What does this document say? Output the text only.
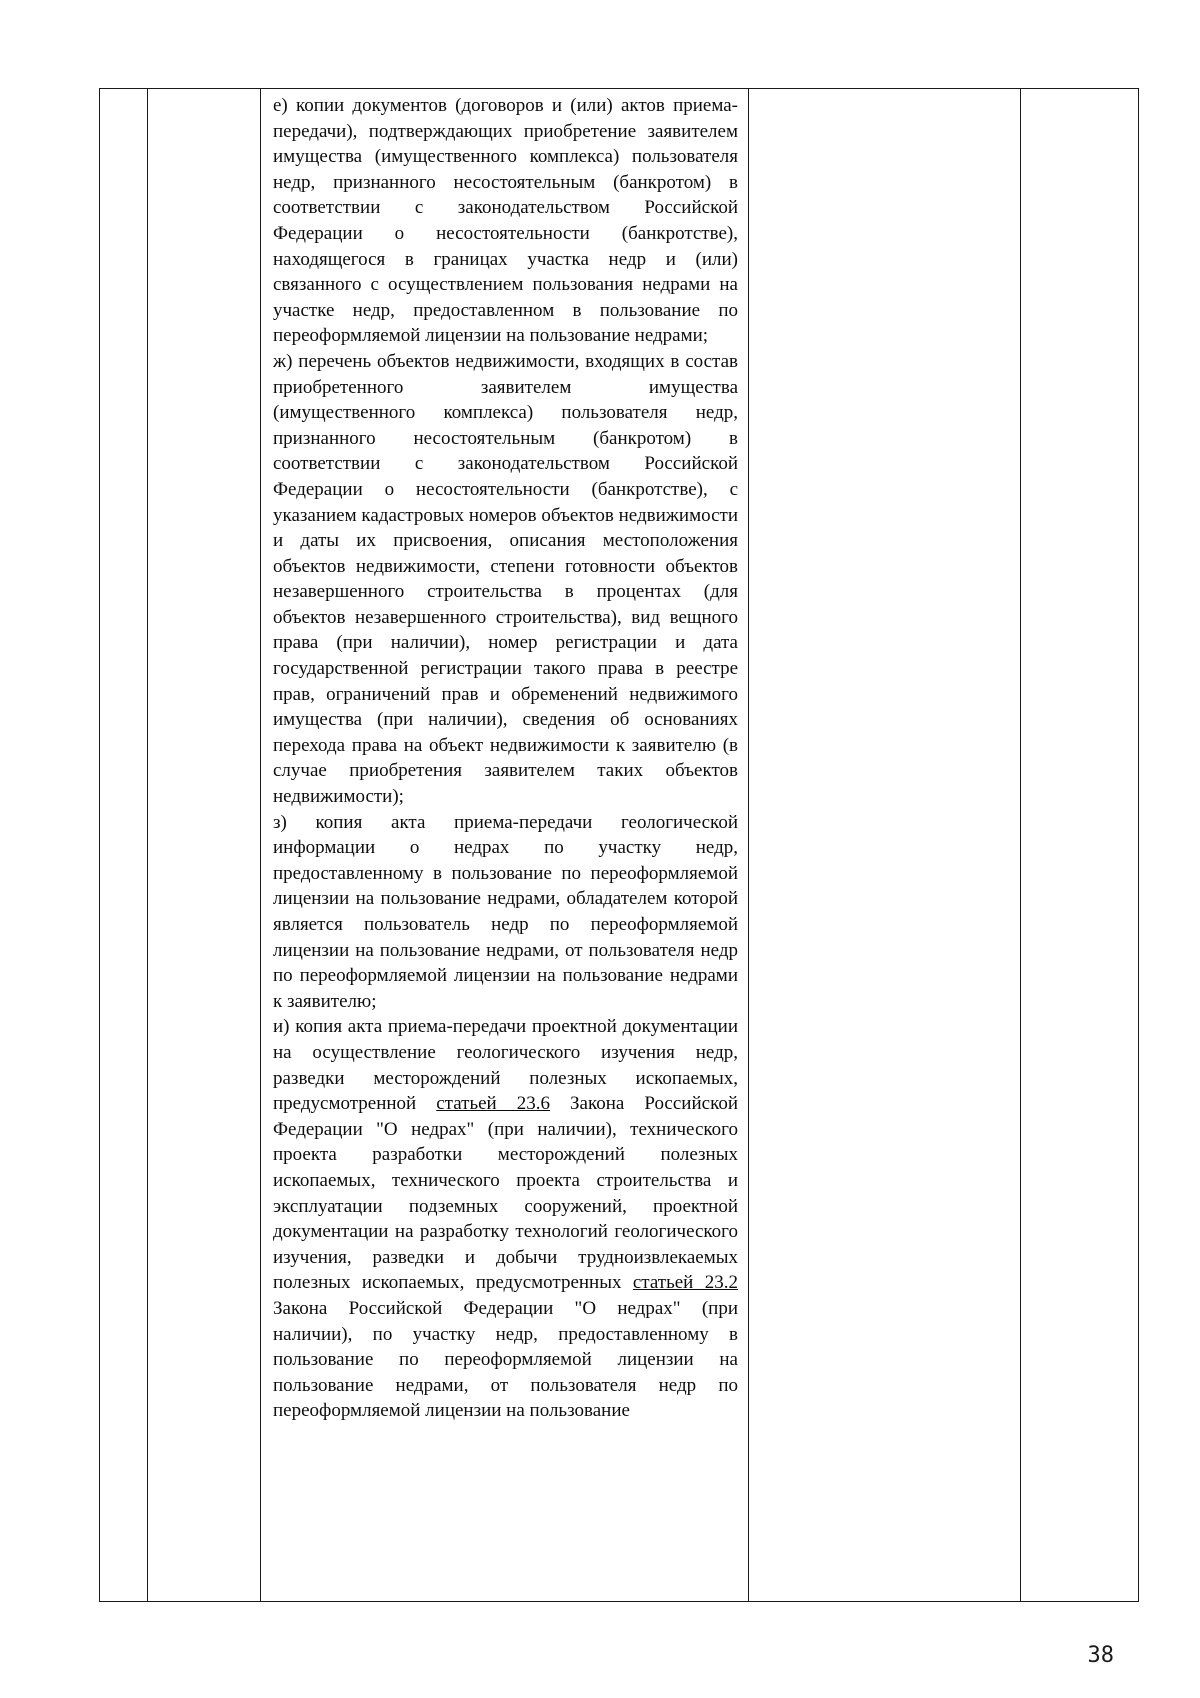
е) копии документов (договоров и (или) актов приема-передачи), подтверждающих приобретение заявителем имущества (имущественного комплекса) пользователя недр, признанного несостоятельным (банкротом) в соответствии с законодательством Российской Федерации о несостоятельности (банкротстве), находящегося в границах участка недр и (или) связанного с осуществлением пользования недрами на участке недр, предоставленном в пользование по переоформляемой лицензии на пользование недрами;

ж) перечень объектов недвижимости, входящих в состав приобретенного заявителем имущества (имущественного комплекса) пользователя недр, признанного несостоятельным (банкротом) в соответствии с законодательством Российской Федерации о несостоятельности (банкротстве), с указанием кадастровых номеров объектов недвижимости и даты их присвоения, описания местоположения объектов недвижимости, степени готовности объектов незавершенного строительства в процентах (для объектов незавершенного строительства), вид вещного права (при наличии), номер регистрации и дата государственной регистрации такого права в реестре прав, ограничений прав и обременений недвижимого имущества (при наличии), сведения об основаниях перехода права на объект недвижимости к заявителю (в случае приобретения заявителем таких объектов недвижимости);

з) копия акта приема-передачи геологической информации о недрах по участку недр, предоставленному в пользование по переоформляемой лицензии на пользование недрами, обладателем которой является пользователь недр по переоформляемой лицензии на пользование недрами, от пользователя недр по переоформляемой лицензии на пользование недрами к заявителю;

и) копия акта приема-передачи проектной документации на осуществление геологического изучения недр, разведки месторождений полезных ископаемых, предусмотренной статьей 23.6 Закона Российской Федерации "О недрах" (при наличии), технического проекта разработки месторождений полезных ископаемых, технического проекта строительства и эксплуатации подземных сооружений, проектной документации на разработку технологий геологического изучения, разведки и добычи трудноизвлекаемых полезных ископаемых, предусмотренных статьей 23.2 Закона Российской Федерации "О недрах" (при наличии), по участку недр, предоставленному в пользование по переоформляемой лицензии на пользование недрами, от пользователя недр по переоформляемой лицензии на пользование

38
